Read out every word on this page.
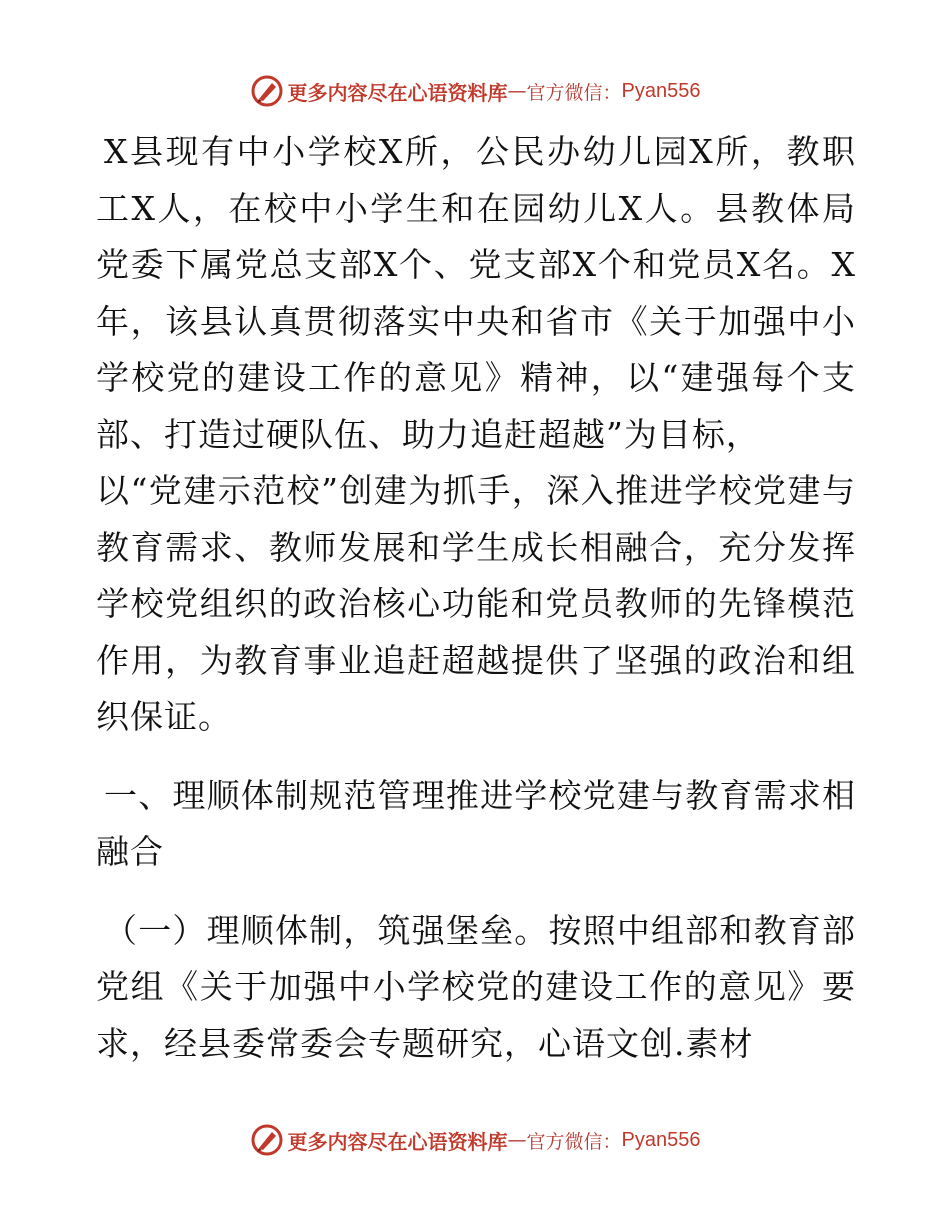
更多内容尽在心语资料库 — 官方微信： Pyan556

X县现有中小学校X所，公民办幼儿园X所，教职工X人，在校中小学生和在园幼儿X人。县教体局党委下属党总支部X个、党支部X个和党员X名。X年，该县认真贯彻落实中央和省市《关于加强中小学校党的建设工作的意见》精神，以“建强每个支部、打造过硬队伍、助力追赶超越”为目标，

以“党建示范校”创建为抓手，深入推进学校党建与教育需求、教师发展和学生成长相融合，充分发挥学校党组织的政治核心功能和党员教师的先锋模范作用，为教育事业追赶超越提供了坚强的政治和组织保证。

一、理顺体制规范管理推进学校党建与教育需求相融合

（一）理顺体制，筑强堡垒。按照中组部和教育部党组《关于加强中小学校党的建设工作的意见》要求，经县委常委会专题研究，心语文创.素材

更多内容尽在心语资料库 — 官方微信： Pyan556
